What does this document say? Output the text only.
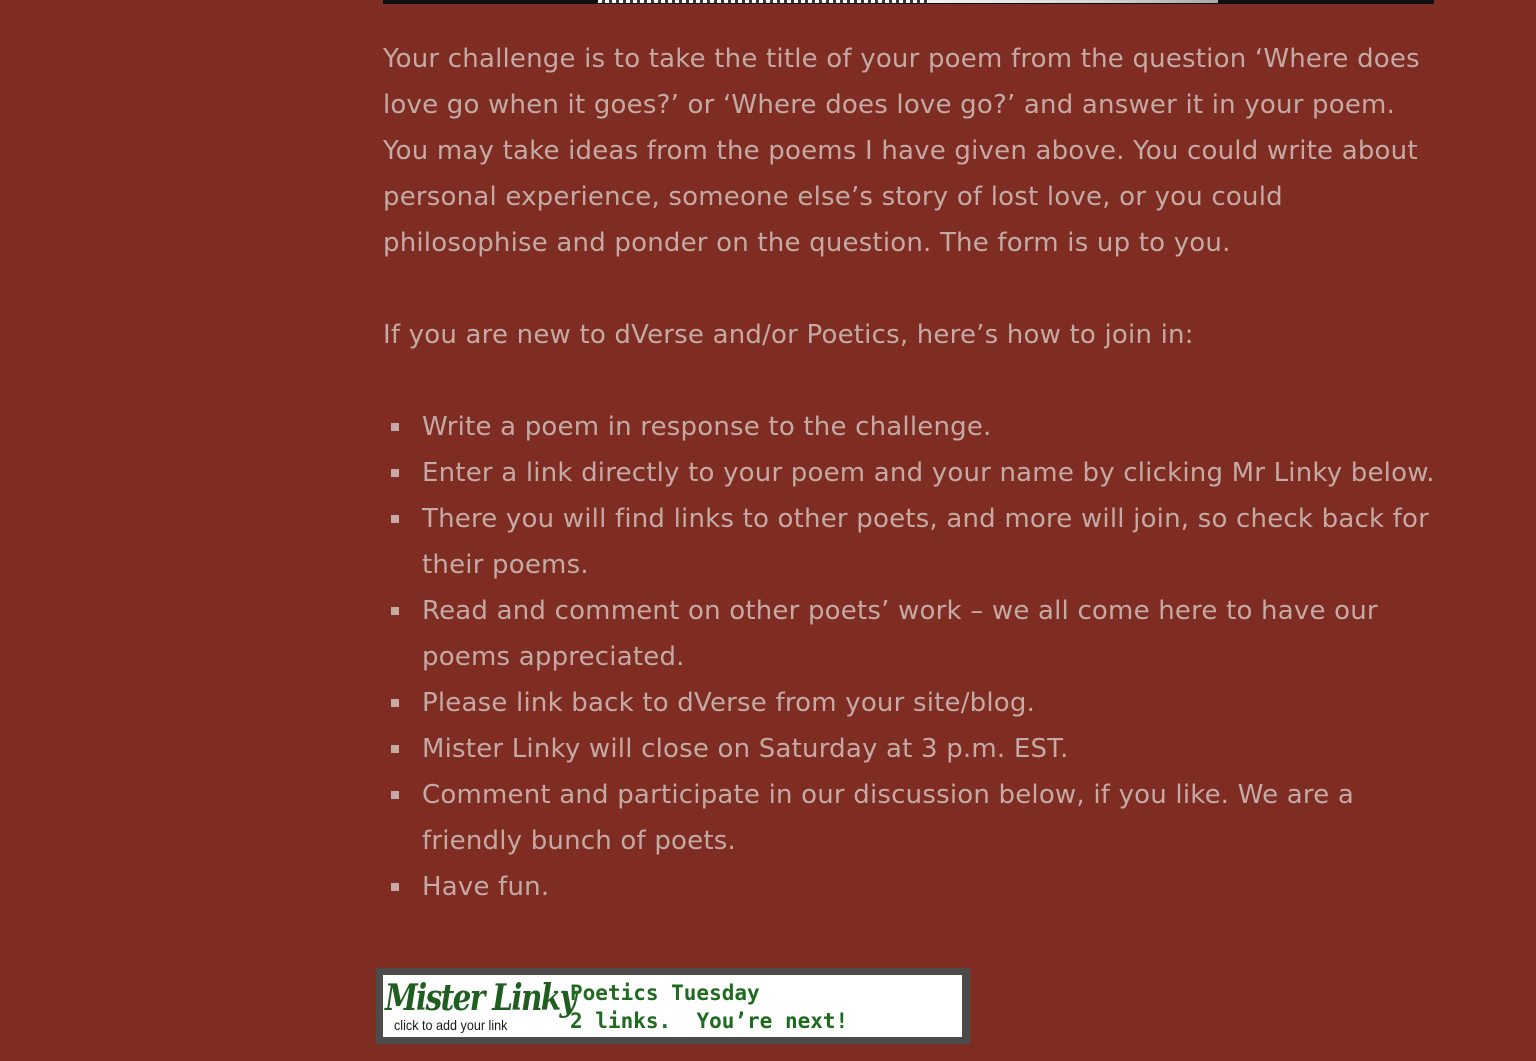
Your challenge is to take the title of your poem from the question ‘Where does love go when it goes?’ or ‘Where does love go?’ and answer it in your poem. You may take ideas from the poems I have given above. You could write about personal experience, someone else’s story of lost love, or you could philosophise and ponder on the question. The form is up to you.

If you are new to dVerse and/or Poetics, here’s how to join in:

Write a poem in response to the challenge.
Enter a link directly to your poem and your name by clicking Mr Linky below.
There you will find links to other poets, and more will join, so check back for their poems.
Read and comment on other poets’ work – we all come here to have our poems appreciated.
Please link back to dVerse from your site/blog.
Mister Linky will close on Saturday at 3 p.m. EST.
Comment and participate in our discussion below, if you like. We are a friendly bunch of poets.
Have fun.
Mister Linky
click to add your link
Poetics Tuesday
2 links. You’re next!
